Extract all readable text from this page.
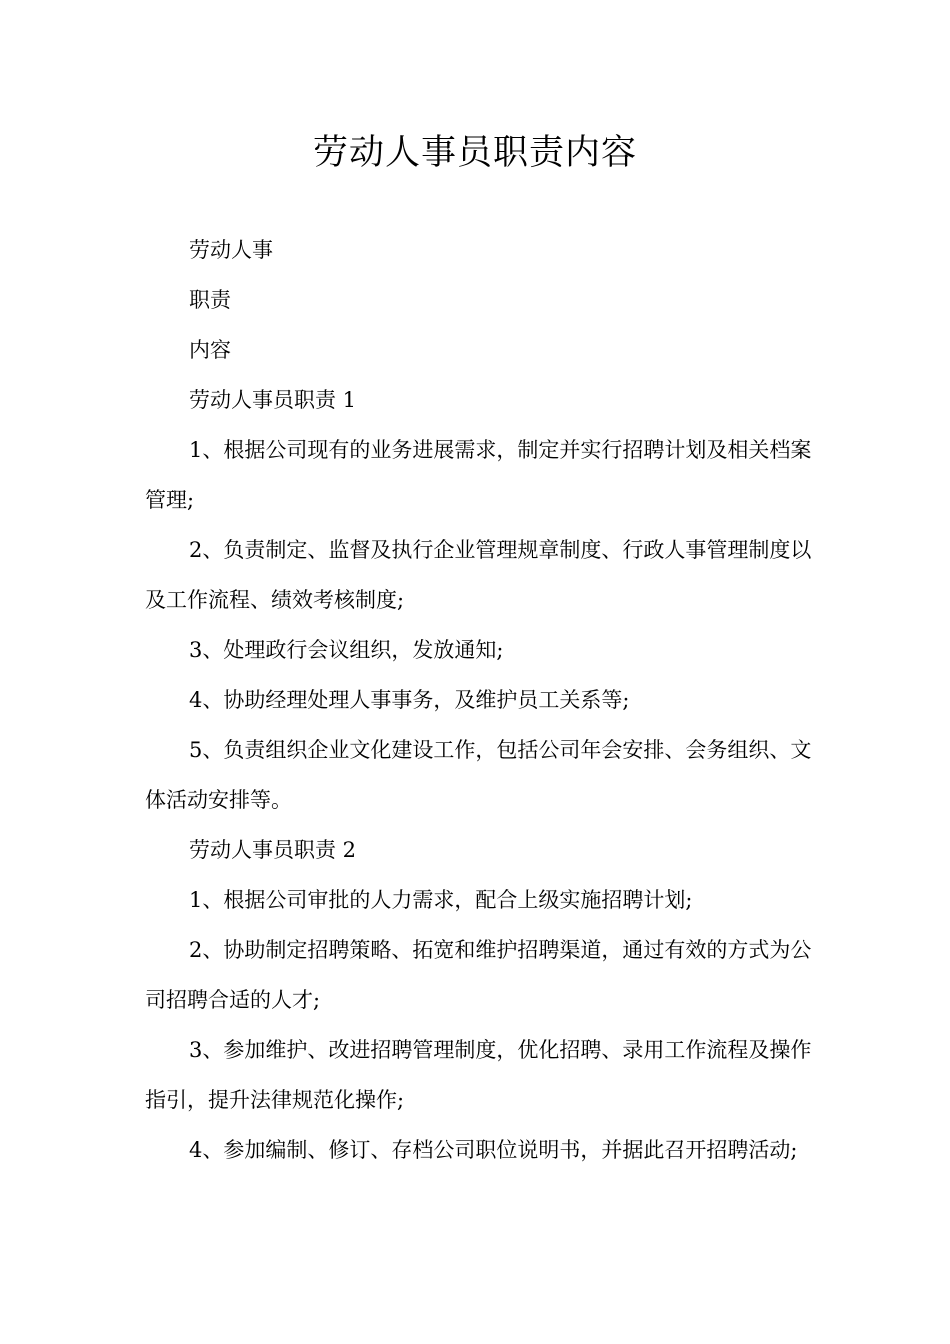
劳动人事员职责内容

劳动人事

职责

内容

劳动人事员职责 1

1、根据公司现有的业务进展需求，制定并实行招聘计划及相关档案管理;

2、负责制定、监督及执行企业管理规章制度、行政人事管理制度以及工作流程、绩效考核制度;

3、处理政行会议组织，发放通知;

4、协助经理处理人事事务，及维护员工关系等;

5、负责组织企业文化建设工作，包括公司年会安排、会务组织、文体活动安排等。

劳动人事员职责 2

1、根据公司审批的人力需求，配合上级实施招聘计划;

2、协助制定招聘策略、拓宽和维护招聘渠道，通过有效的方式为公司招聘合适的人才;

3、参加维护、改进招聘管理制度，优化招聘、录用工作流程及操作指引，提升法律规范化操作;

4、参加编制、修订、存档公司职位说明书，并据此召开招聘活动;
